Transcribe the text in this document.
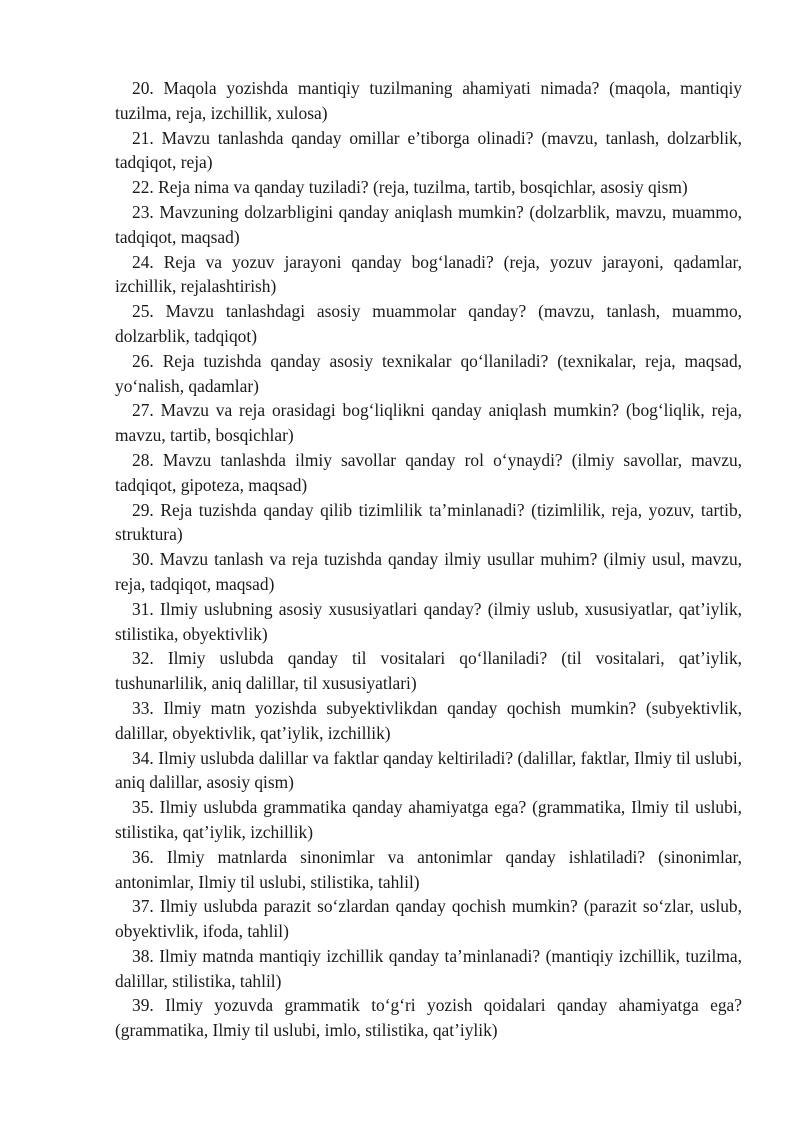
20. Maqola yozishda mantiqiy tuzilmaning ahamiyati nimada? (maqola, mantiqiy tuzilma, reja, izchillik, xulosa)

21. Mavzu tanlashda qanday omillar e’tiborga olinadi? (mavzu, tanlash, dolzarblik, tadqiqot, reja)

22. Reja nima va qanday tuziladi? (reja, tuzilma, tartib, bosqichlar, asosiy qism)

23. Mavzuning dolzarbligini qanday aniqlash mumkin? (dolzarblik, mavzu, muammo, tadqiqot, maqsad)

24. Reja va yozuv jarayoni qanday bog‘lanadi? (reja, yozuv jarayoni, qadamlar, izchillik, rejalashtirish)

25. Mavzu tanlashdagi asosiy muammolar qanday? (mavzu, tanlash, muammo, dolzarblik, tadqiqot)

26. Reja tuzishda qanday asosiy texnikalar qo‘llaniladi? (texnikalar, reja, maqsad, yo‘nalish, qadamlar)

27. Mavzu va reja orasidagi bog‘liqlikni qanday aniqlash mumkin? (bog‘liqlik, reja, mavzu, tartib, bosqichlar)

28. Mavzu tanlashda ilmiy savollar qanday rol o‘ynaydi? (ilmiy savollar, mavzu, tadqiqot, gipoteza, maqsad)

29. Reja tuzishda qanday qilib tizimlilik ta’minlanadi? (tizimlilik, reja, yozuv, tartib, struktura)

30. Mavzu tanlash va reja tuzishda qanday ilmiy usullar muhim? (ilmiy usul, mavzu, reja, tadqiqot, maqsad)

31. Ilmiy uslubning asosiy xususiyatlari qanday? (ilmiy uslub, xususiyatlar, qat’iylik, stilistika, obyektivlik)

32. Ilmiy uslubda qanday til vositalari qo‘llaniladi? (til vositalari, qat’iylik, tushunarlilik, aniq dalillar, til xususiyatlari)

33. Ilmiy matn yozishda subyektivlikdan qanday qochish mumkin? (subyektivlik, dalillar, obyektivlik, qat’iylik, izchillik)

34. Ilmiy uslubda dalillar va faktlar qanday keltiriladi? (dalillar, faktlar, Ilmiy til uslubi, aniq dalillar, asosiy qism)

35. Ilmiy uslubda grammatika qanday ahamiyatga ega? (grammatika, Ilmiy til uslubi, stilistika, qat’iylik, izchillik)

36. Ilmiy matnlarda sinonimlar va antonimlar qanday ishlatiladi? (sinonimlar, antonimlar, Ilmiy til uslubi, stilistika, tahlil)

37. Ilmiy uslubda parazit so‘zlardan qanday qochish mumkin? (parazit so‘zlar, uslub, obyektivlik, ifoda, tahlil)

38. Ilmiy matnda mantiqiy izchillik qanday ta’minlanadi? (mantiqiy izchillik, tuzilma, dalillar, stilistika, tahlil)

39. Ilmiy yozuvda grammatik to‘g‘ri yozish qoidalari qanday ahamiyatga ega? (grammatika, Ilmiy til uslubi, imlo, stilistika, qat’iylik)
